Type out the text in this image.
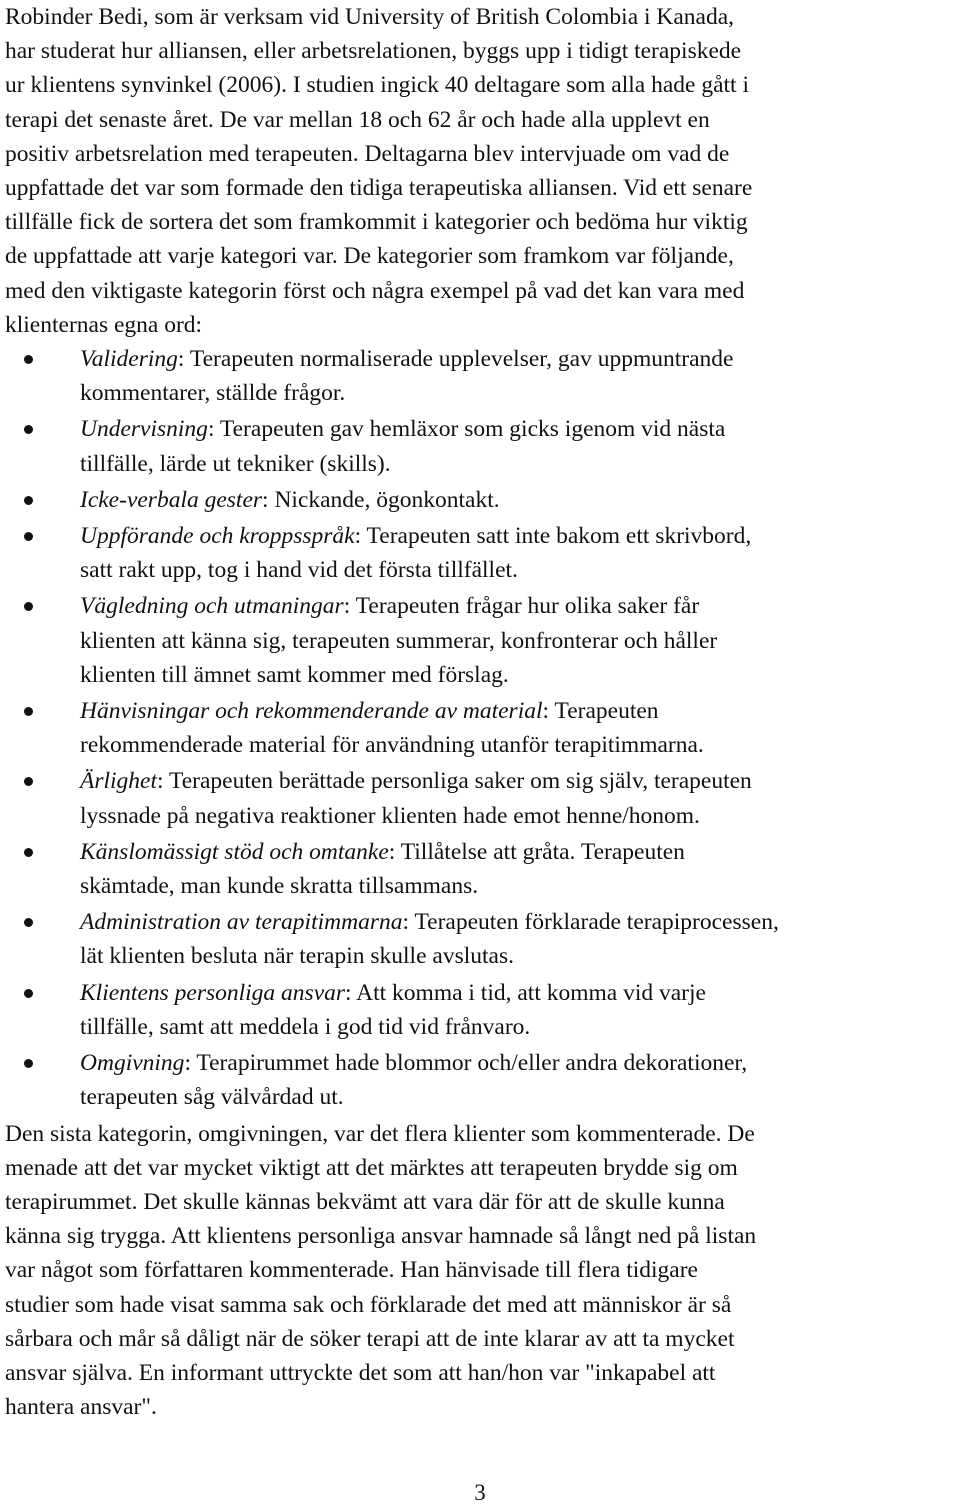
Robinder Bedi, som är verksam vid University of British Colombia i Kanada,
har studerat hur alliansen, eller arbetsrelationen, byggs upp i tidigt terapiskede
ur klientens synvinkel (2006). I studien ingick 40 deltagare som alla hade gått i
terapi det senaste året. De var mellan 18 och 62 år och hade alla upplevt en
positiv arbetsrelation med terapeuten. Deltagarna blev intervjuade om vad de
uppfattade det var som formade den tidiga terapeutiska alliansen. Vid ett senare
tillfälle fick de sortera det som framkommit i kategorier och bedöma hur viktig
de uppfattade att varje kategori var. De kategorier som framkom var följande,
med den viktigaste kategorin först och några exempel på vad det kan vara med
klienternas egna ord:

Validering: Terapeuten normaliserade upplevelser, gav uppmuntrande
kommentarer, ställde frågor.
Undervisning: Terapeuten gav hemläxor som gicks igenom vid nästa
tillfälle, lärde ut tekniker (skills).
Icke-verbala gester: Nickande, ögonkontakt.
Uppförande och kroppsspråk: Terapeuten satt inte bakom ett skrivbord,
satt rakt upp, tog i hand vid det första tillfället.
Vägledning och utmaningar: Terapeuten frågar hur olika saker får
klienten att känna sig, terapeuten summerar, konfronterar och håller
klienten till ämnet samt kommer med förslag.
Hänvisningar och rekommenderande av material: Terapeuten
rekommenderade material för användning utanför terapitimmarna.
Ärlighet: Terapeuten berättade personliga saker om sig själv, terapeuten
lyssnade på negativa reaktioner klienten hade emot henne/honom.
Känslomässigt stöd och omtanke: Tillåtelse att gråta. Terapeuten
skämtade, man kunde skratta tillsammans.
Administration av terapitimmarna: Terapeuten förklarade terapiprocessen,
lät klienten besluta när terapin skulle avslutas.
Klientens personliga ansvar: Att komma i tid, att komma vid varje
tillfälle, samt att meddela i god tid vid frånvaro.
Omgivning: Terapirummet hade blommor och/eller andra dekorationer,
terapeuten såg välvårdad ut.

Den sista kategorin, omgivningen, var det flera klienter som kommenterade. De
menade att det var mycket viktigt att det märktes att terapeuten brydde sig om
terapirummet. Det skulle kännas bekvämt att vara där för att de skulle kunna
känna sig trygga. Att klientens personliga ansvar hamnade så långt ned på listan
var något som författaren kommenterade. Han hänvisade till flera tidigare
studier som hade visat samma sak och förklarade det med att människor är så
sårbara och mår så dåligt när de söker terapi att de inte klarar av att ta mycket
ansvar själva. En informant uttryckte det som att han/hon var "inkapabel att
hantera ansvar".

3
